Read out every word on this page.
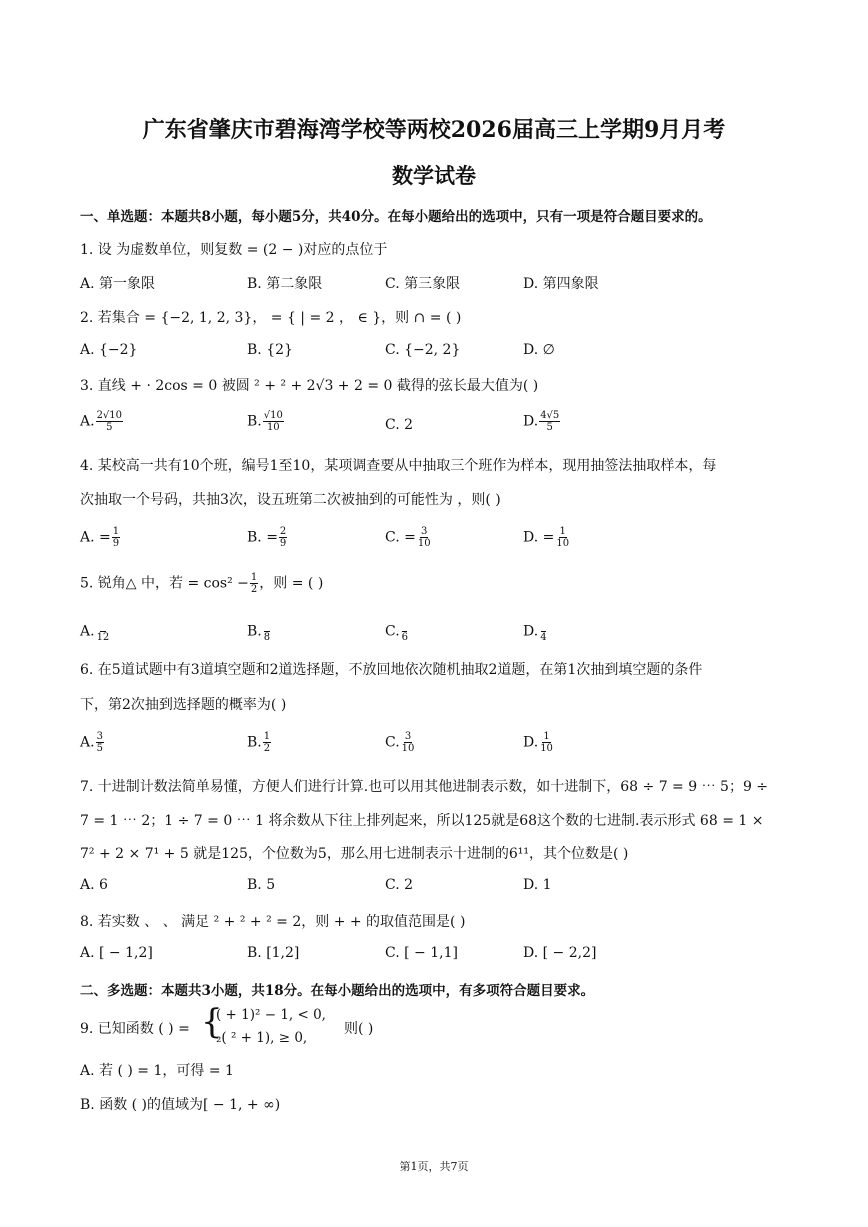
广东省肇庆市碧海湾学校等两校2026届高三上学期9月月考
数学试卷
一、单选题：本题共8小题，每小题5分，共40分。在每小题给出的选项中，只有一项是符合题目要求的。
1. 设 为虚数单位，则复数 = (2 − )对应的点位于
A. 第一象限	B. 第二象限	C. 第三象限	D. 第四象限
2. 若集合 = {−2, 1, 2, 3}， = { | = 2 ， ∈ }，则 ∩ = ( )
A. {−2}	B. {2}	C. {−2, 2}	D. ∅
3. 直线 + · 2cos = 0 被圆 ² + ² + 2√3 + 2 = 0 截得的弦长最大值为( )
A. $\frac{2√10}{5}$	B. $\frac{√10}{10}$	C. 2	D. $\frac{4√5}{5}$
4. 某校高一共有10个班，编号1至10，某项调查要从中抽取三个班作为样本，现用抽签法抽取样本，每
次抽取一个号码，共抽3次，设五班第二次被抽到的可能性为 ，则( )
A. = $\frac{1}{9}$	B. = $\frac{2}{9}$	C. = $\frac{3}{10}$	D. = $\frac{1}{10}$
5. 锐角△ 中，若 = $\cos^2 - \frac{1}{2}$ ，则 = ( )
A.
12	B.
8	C.
6	D.
4
6. 在5道试题中有3道填空题和2道选择题，不放回地依次随机抽取2道题，在第1次抽到填空题的条件
下，第2次抽到选择题的概率为( )
A. $\frac{3}{5}$	B. $\frac{1}{2}$	C. $\frac{3}{10}$	D. $\frac{1}{10}$
7. 十进制计数法简单易懂，方便人们进行计算.也可以用其他进制表示数，如十进制下，68 ÷ 7 = 9 ⋯ 5；9 ÷
7 = 1 ⋯ 2；1 ÷ 7 = 0 ⋯ 1 将余数从下往上排列起来，所以125就是68这个数的七进制.表示形式 68 = 1 ×
7² + 2 × 7¹ + 5 就是125，个位数为5，那么用七进制表示十进制的6¹¹，其个位数是( )
A. 6	B. 5	C. 2	D. 1
8. 若实数 、 、 满足 ² + ² + ² = 2，则 + + 的取值范围是( )
A. [ − 1,2]	B. [1,2]	C. [ − 1,1]	D. [ − 2,2]
二、多选题：本题共3小题，共18分。在每小题给出的选项中，有多项符合题目要求。
9. 已知函数 ( ) = {
( + 1)² − 1, < 0,
₂( ² + 1), ≥ 0,
则( )
A. 若 ( ) = 1，可得 = 1
B. 函数 ( )的值域为[ − 1, + ∞)
第1页，共7页
